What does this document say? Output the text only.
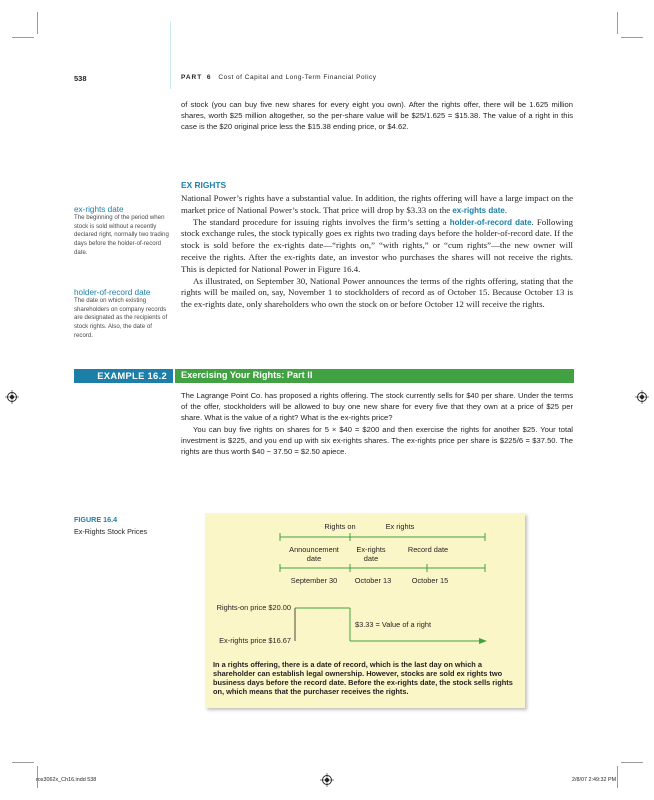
538	PART 6 Cost of Capital and Long-Term Financial Policy

of stock (you can buy five new shares for every eight you own). After the rights offer, there will be 1.625 million shares, worth $25 million altogether, so the per-share value will be $25/1.625 = $15.38. The value of a right in this case is the $20 original price less the $15.38 ending price, or $4.62.

EX RIGHTS

National Power’s rights have a substantial value. In addition, the rights offering will have a large impact on the market price of National Power’s stock. That price will drop by $3.33 on the ex-rights date.

The standard procedure for issuing rights involves the firm’s setting a holder-of-record date. Following stock exchange rules, the stock typically goes ex rights two trading days before the holder-of-record date. If the stock is sold before the ex-rights date—“rights on,” “with rights,” or “cum rights”—the new owner will receive the rights. After the ex-rights date, an investor who purchases the shares will not receive the rights. This is depicted for National Power in Figure 16.4.

As illustrated, on September 30, National Power announces the terms of the rights offering, stating that the rights will be mailed on, say, November 1 to stockholders of record as of October 15. Because October 13 is the ex-rights date, only shareholders who own the stock on or before October 12 will receive the rights.

ex-rights date
The beginning of the period when stock is sold without a recently declared right, normally two trading days before the holder-of-record date.
holder-of-record date
The date on which existing shareholders on company records are designated as the recipients of stock rights. Also, the date of record.
EXAMPLE 16.2 Exercising Your Rights: Part II

The Lagrange Point Co. has proposed a rights offering. The stock currently sells for $40 per share. Under the terms of the offer, stockholders will be allowed to buy one new share for every five that they own at a price of $25 per share. What is the value of a right? What is the ex-rights price?

You can buy five rights on shares for 5 × $40 = $200 and then exercise the rights for another $25. Your total investment is $225, and you end up with six ex-rights shares. The ex-rights price per share is $225/6 = $37.50. The rights are thus worth $40 − 37.50 = $2.50 apiece.

FIGURE 16.4
Ex-Rights Stock Prices
Rights on	Ex rights
Announcement date
Ex-rights date
Record date
September 30	October 13	October 15
Rights-on price $20.00
$3.33 = Value of a right
Ex-rights price $16.67
In a rights offering, there is a date of record, which is the last day on which a shareholder can establish legal ownership. However, stocks are sold ex rights two business days before the record date. Before the ex-rights date, the stock sells rights on, which means that the purchaser receives the rights.
ros3062x_Ch16.indd 538	2/8/07 2:49:32 PM
